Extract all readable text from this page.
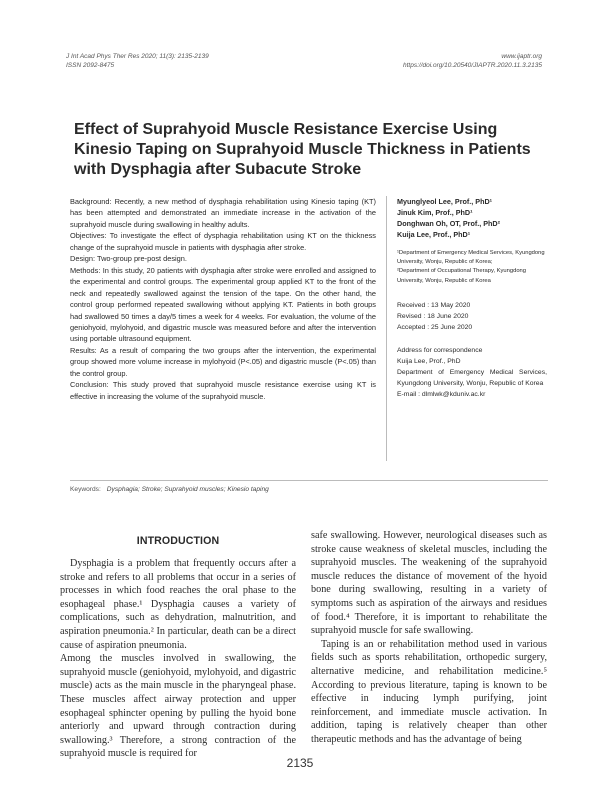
J Int Acad Phys Ther Res 2020; 11(3): 2135-2139
ISSN 2092-8475
www.ijaptr.org
https://doi.org/10.20540/JIAPTR.2020.11.3.2135
Effect of Suprahyoid Muscle Resistance Exercise Using Kinesio Taping on Suprahyoid Muscle Thickness in Patients with Dysphagia after Subacute Stroke

Background: Recently, a new method of dysphagia rehabilitation using Kinesio taping (KT) has been attempted and demonstrated an immediate increase in the activation of the suprahyoid muscle during swallowing in healthy adults.

Objectives: To investigate the effect of dysphagia rehabilitation using KT on the thickness change of the suprahyoid muscle in patients with dysphagia after stroke.

Design: Two-group pre-post design.

Methods: In this study, 20 patients with dysphagia after stroke were enrolled and assigned to the experimental and control groups. The experimental group applied KT to the front of the neck and repeatedly swallowed against the tension of the tape. On the other hand, the control group performed repeated swallowing without applying KT. Patients in both groups had swallowed 50 times a day/5 times a week for 4 weeks. For evaluation, the volume of the geniohyoid, mylohyoid, and digastric muscle was measured before and after the intervention using portable ultrasound equipment.

Results: As a result of comparing the two groups after the intervention, the experimental group showed more volume increase in mylohyoid (P<.05) and digastric muscle (P<.05) than the control group.

Conclusion: This study proved that suprahyoid muscle resistance exercise using KT is effective in increasing the volume of the suprahyoid muscle.

Myunglyeol Lee, Prof., PhD¹
Jinuk Kim, Prof., PhD¹
Donghwan Oh, OT, Prof., PhD²
Kuija Lee, Prof., PhD¹
¹Department of Emergency Medical Services, Kyungdong University, Wonju, Republic of Korea;
²Department of Occupational Therapy, Kyungdong University, Wonju, Republic of Korea
Received : 13 May 2020
Revised : 18 June 2020
Accepted : 25 June 2020
Address for correspondence
Kuija Lee, Prof., PhD
Department of Emergency Medical Services, Kyungdong University, Wonju, Republic of Korea
E-mail : dlmlwk@kduniv.ac.kr
Keywords: Dysphagia; Stroke; Suprahyoid muscles; Kinesio taping
INTRODUCTION

Dysphagia is a problem that frequently occurs after a stroke and refers to all problems that occur in a series of processes in which food reaches the oral phase to the esophageal phase.¹ Dysphagia causes a variety of complications, such as dehydration, malnutrition, and aspiration pneumonia.² In particular, death can be a direct cause of aspiration pneumonia.

Among the muscles involved in swallowing, the suprahyoid muscle (geniohyoid, mylohyoid, and digastric muscle) acts as the main muscle in the pharyngeal phase. These muscles affect airway protection and upper esophageal sphincter opening by pulling the hyoid bone anteriorly and upward through contraction during swallowing.³ Therefore, a strong contraction of the suprahyoid muscle is required for

safe swallowing. However, neurological diseases such as stroke cause weakness of skeletal muscles, including the suprahyoid muscles. The weakening of the suprahyoid muscle reduces the distance of movement of the hyoid bone during swallowing, resulting in a variety of symptoms such as aspiration of the airways and residues of food.⁴ Therefore, it is important to rehabilitate the suprahyoid muscle for safe swallowing.

Taping is an or rehabilitation method used in various fields such as sports rehabilitation, orthopedic surgery, alternative medicine, and rehabilitation medicine.⁵ According to previous literature, taping is known to be effective in inducing lymph purifying, joint reinforcement, and immediate muscle activation. In addition, taping is relatively cheaper than other therapeutic methods and has the advantage of being

2135
